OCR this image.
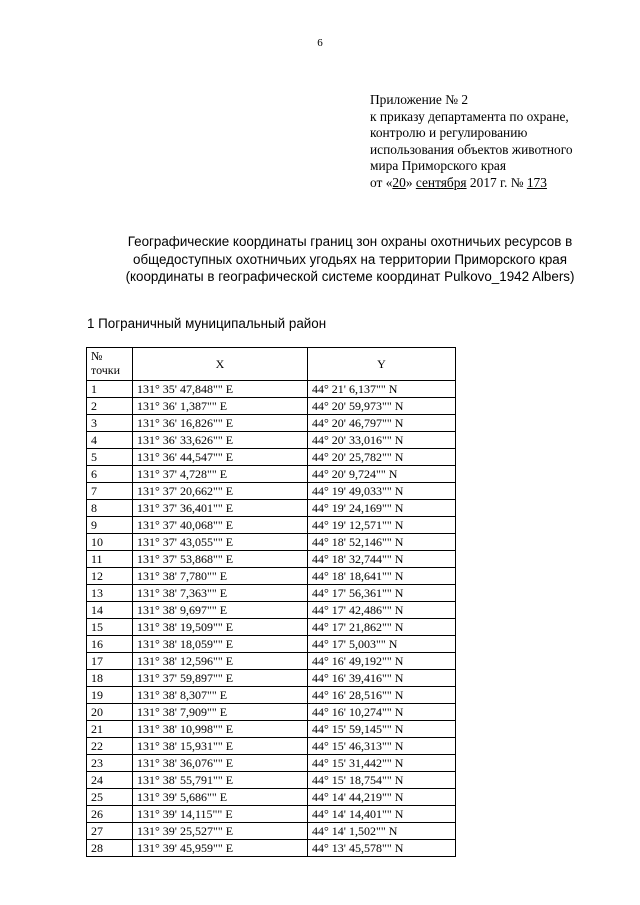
6
Приложение № 2
к приказу департамента по охране,
контролю и регулированию
использования объектов животного
мира Приморского края
от «20» сентября 2017 г. № 173
Географические координаты границ зон охраны охотничьих ресурсов в
общедоступных охотничьих угодьях на территории Приморского края
(координаты в географической системе координат Pulkovo_1942 Albers)
1 Пограничный муниципальный район
№
точки	X	Y
1	131° 35' 47,848"" E	44° 21' 6,137"" N
2	131° 36' 1,387"" E	44° 20' 59,973"" N
3	131° 36' 16,826"" E	44° 20' 46,797"" N
4	131° 36' 33,626"" E	44° 20' 33,016"" N
5	131° 36' 44,547"" E	44° 20' 25,782"" N
6	131° 37' 4,728"" E	44° 20' 9,724"" N
7	131° 37' 20,662"" E	44° 19' 49,033"" N
8	131° 37' 36,401"" E	44° 19' 24,169"" N
9	131° 37' 40,068"" E	44° 19' 12,571"" N
10	131° 37' 43,055"" E	44° 18' 52,146"" N
11	131° 37' 53,868"" E	44° 18' 32,744"" N
12	131° 38' 7,780"" E	44° 18' 18,641"" N
13	131° 38' 7,363"" E	44° 17' 56,361"" N
14	131° 38' 9,697"" E	44° 17' 42,486"" N
15	131° 38' 19,509"" E	44° 17' 21,862"" N
16	131° 38' 18,059"" E	44° 17' 5,003"" N
17	131° 38' 12,596"" E	44° 16' 49,192"" N
18	131° 37' 59,897"" E	44° 16' 39,416"" N
19	131° 38' 8,307"" E	44° 16' 28,516"" N
20	131° 38' 7,909"" E	44° 16' 10,274"" N
21	131° 38' 10,998"" E	44° 15' 59,145"" N
22	131° 38' 15,931"" E	44° 15' 46,313"" N
23	131° 38' 36,076"" E	44° 15' 31,442"" N
24	131° 38' 55,791"" E	44° 15' 18,754"" N
25	131° 39' 5,686"" E	44° 14' 44,219"" N
26	131° 39' 14,115"" E	44° 14' 14,401"" N
27	131° 39' 25,527"" E	44° 14' 1,502"" N
28	131° 39' 45,959"" E	44° 13' 45,578"" N
